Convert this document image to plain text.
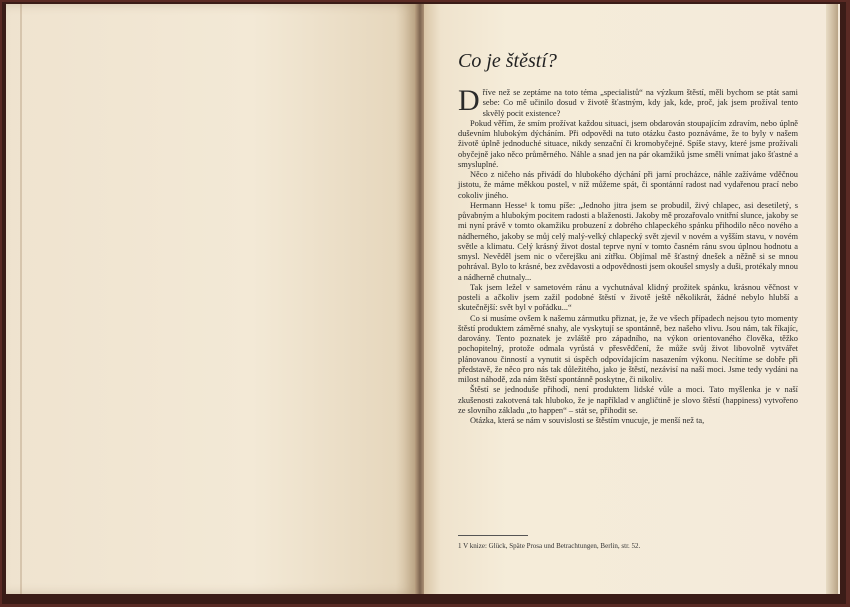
Co je štěstí?

Dříve než se zeptáme na toto téma „specialistů“ na výzkum štěstí, měli bychom se ptát sami sebe: Co mě učinilo dosud v životě šťastným, kdy jak, kde, proč, jak jsem prožíval tento skvělý pocit existence?

Pokud věřím, že smím prožívat každou situaci, jsem obdarován stoupajícím zdravím, nebo úplně duševním hlubokým dýcháním. Při odpovědi na tuto otázku často poznáváme, že to byly v našem životě úplně jednoduché situace, nikdy senzační či kromobyčejné. Spíše stavy, které jsme prožívali obyčejně jako něco průměrného. Náhle a snad jen na pár okamžiků jsme směli vnímat jako šťastné a smysluplné.

Něco z ničeho nás přivádí do hlubokého dýchání při jarní procházce, náhle zažíváme vděčnou jistotu, že máme měkkou postel, v níž můžeme spát, či spontánní radost nad vydařenou prací nebo cokoliv jiného.

Hermann Hesse¹ k tomu píše: „Jednoho jitra jsem se probudil, živý chlapec, asi desetiletý, s půvabným a hlubokým pocitem radosti a blaženosti. Jakoby mě prozařovalo vnitřní slunce, jakoby se mi nyní právě v tomto okamžiku probuzení z dobrého chlapeckého spánku přihodilo něco nového a nádherného, jakoby se můj celý malý-velký chlapecký svět zjevil v novém a vyšším stavu, v novém světle a klimatu. Celý krásný život dostal teprve nyní v tomto časném ránu svou úplnou hodnotu a smysl. Nevěděl jsem nic o včerejšku ani zítřku. Objímal mě šťastný dnešek a něžně si se mnou pohrával. Bylo to krásné, bez zvědavosti a odpovědnosti jsem okoušel smysly a duši, protékaly mnou a nádherně chutnaly...

Tak jsem ležel v sametovém ránu a vychutnával klidný prožitek spánku, krásnou věčnost v posteli a ačkoliv jsem zažil podobné štěstí v životě ještě několikrát, žádné nebylo hlubší a skutečnější: svět byl v pořádku...“

Co si musíme ovšem k našemu zármutku přiznat, je, že ve všech případech nejsou tyto momenty štěstí produktem záměrné snahy, ale vyskytují se spontánně, bez našeho vlivu. Jsou nám, tak říkajíc, darovány. Tento poznatek je zvláště pro západního, na výkon orientovaného člověka, těžko pochopitelný, protože odmala vyrůstá v přesvědčení, že může svůj život libovolně vytvářet plánovanou činností a vynutit si úspěch odpovídajícím nasazením výkonu. Necítíme se dobře při představě, že něco pro nás tak důležitého, jako je štěstí, nezávisí na naší moci. Jsme tedy vydáni na milost náhodě, zda nám štěstí spontánně poskytne, či nikoliv.

Štěstí se jednoduše přihodí, není produktem lidské vůle a moci. Tato myšlenka je v naší zkušenosti zakotvená tak hluboko, že je například v angličtině je slovo štěstí (happiness) vytvořeno ze slovního základu „to happen“ – stát se, přihodit se.

Otázka, která se nám v souvislosti se štěstím vnucuje, je menší než ta,

1 V knize: Glück, Späte Prosa und Betrachtungen, Berlin, str. 52.
